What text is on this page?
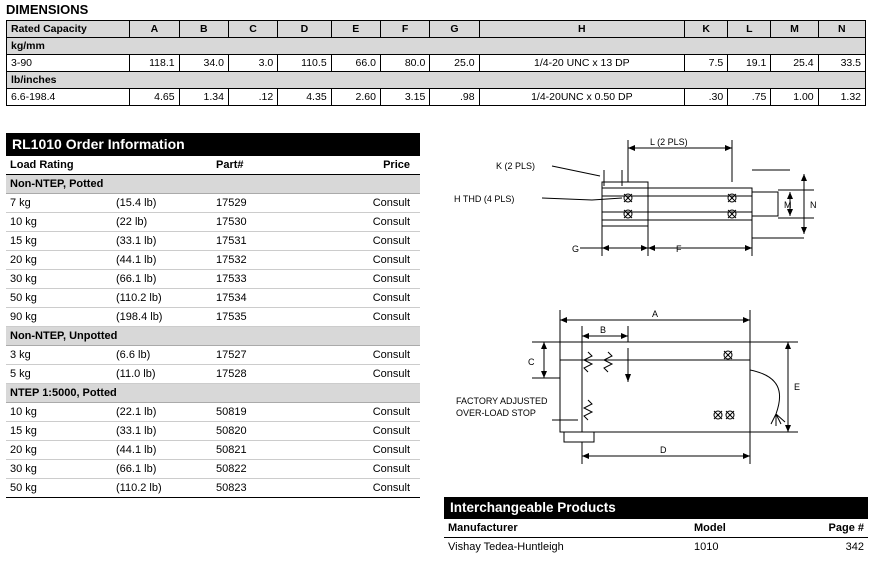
DIMENSIONS
Rated Capacity	A	B	C	D	E	F	G	H	K	L	M	N
kg/mm												
3-90	118.1	34.0	3.0	110.5	66.0	80.0	25.0	1/4-20 UNC x 13 DP	7.5	19.1	25.4	33.5
lb/inches												
6.6-198.4	4.65	1.34	.12	4.35	2.60	3.15	.98	1/4-20UNC x 0.50 DP	.30	.75	1.00	1.32
RL1010 Order Information
Load Rating	Part#	Price
Non-NTEP, Potted
7 kg	(15.4 lb)	17529	Consult
10 kg	(22 lb)	17530	Consult
15 kg	(33.1 lb)	17531	Consult
20 kg	(44.1 lb)	17532	Consult
30 kg	(66.1 lb)	17533	Consult
50 kg	(110.2 lb)	17534	Consult
90 kg	(198.4 lb)	17535	Consult
Non-NTEP, Unpotted
3 kg	(6.6 lb)	17527	Consult
5 kg	(11.0 lb)	17528	Consult
NTEP 1:5000, Potted
10 kg	(22.1 lb)	50819	Consult
15 kg	(33.1 lb)	50820	Consult
20 kg	(44.1 lb)	50821	Consult
30 kg	(66.1 lb)	50822	Consult
50 kg	(110.2 lb)	50823	Consult
L (2 PLS)
K (2 PLS)
H THD (4 PLS)
M N
G	F
A
B
C
D
E
FACTORY ADJUSTED
OVER-LOAD STOP
Interchangeable Products
Manufacturer	Model	Page #
Vishay Tedea-Huntleigh	1010	342
